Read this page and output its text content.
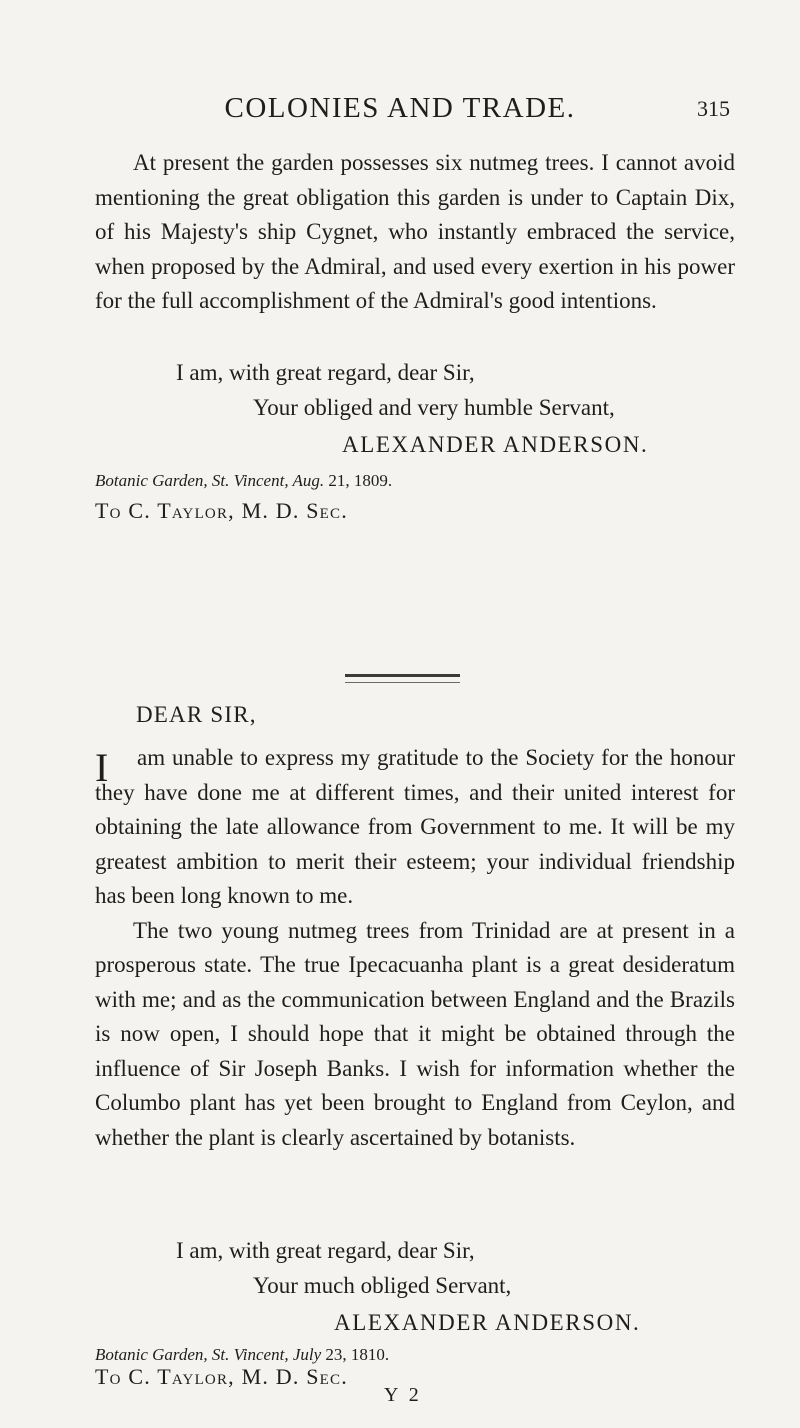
COLONIES AND TRADE.	315

At present the garden possesses six nutmeg trees. I cannot avoid mentioning the great obligation this garden is under to Captain Dix, of his Majesty's ship Cygnet, who instantly embraced the service, when proposed by the Admiral, and used every exertion in his power for the full accomplishment of the Admiral's good intentions.

I am, with great regard, dear Sir,
Your obliged and very humble Servant,
ALEXANDER ANDERSON.
Botanic Garden, St. Vincent, Aug. 21, 1809.
To C. Taylor, M. D. Sec.
DEAR SIR,
I	am unable to express my gratitude to the Society for the honour they have done me at different times, and their united interest for obtaining the late allowance from Government to me. It will be my greatest ambition to merit their esteem; your individual friendship has been long known to me.

The two young nutmeg trees from Trinidad are at present in a prosperous state. The true Ipecacuanha plant is a great desideratum with me; and as the communication between England and the Brazils is now open, I should hope that it might be obtained through the influence of Sir Joseph Banks. I wish for information whether the Columbo plant has yet been brought to England from Ceylon, and whether the plant is clearly ascertained by botanists.

I am, with great regard, dear Sir,
Your much obliged Servant,
ALEXANDER ANDERSON.
Botanic Garden, St. Vincent, July 23, 1810.
To C. Taylor, M. D. Sec.
Y 2
